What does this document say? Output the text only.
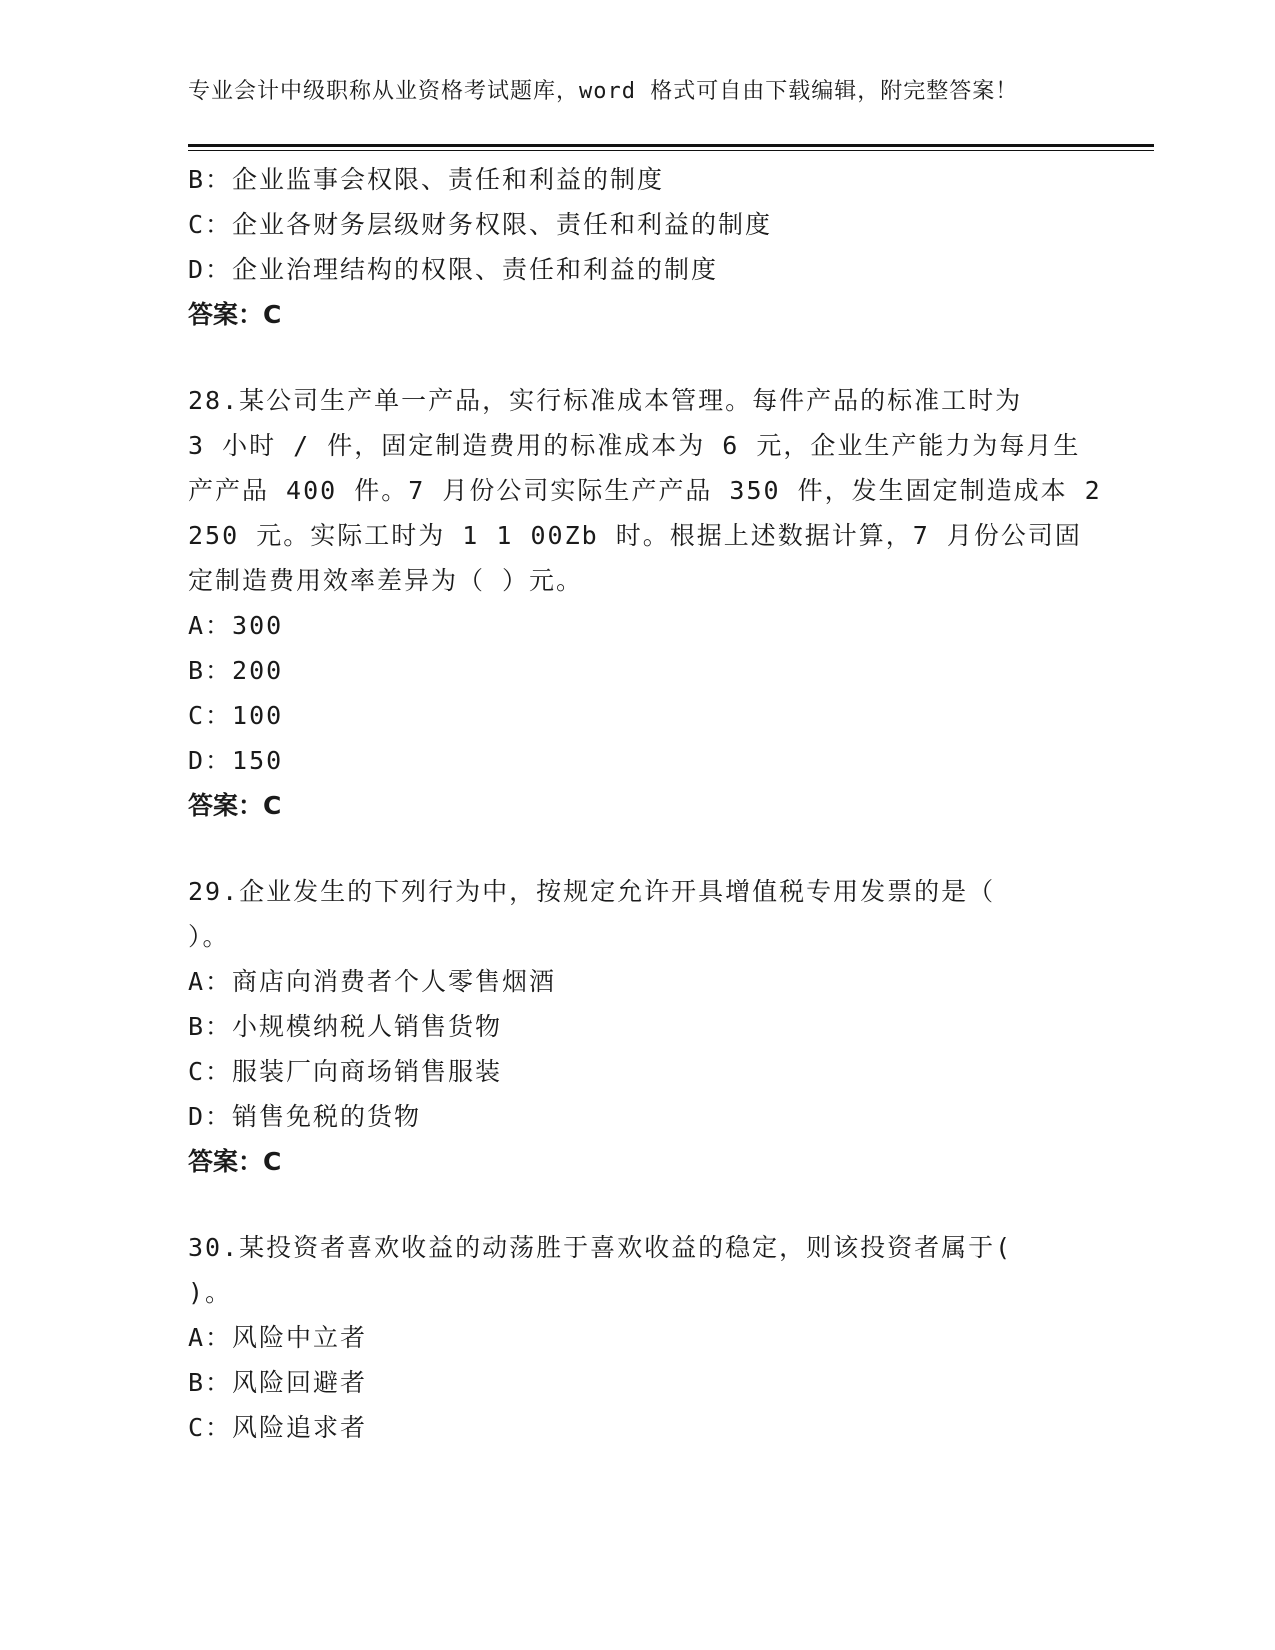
专业会计中级职称从业资格考试题库，word 格式可自由下载编辑，附完整答案！
B：企业监事会权限、责任和利益的制度
C：企业各财务层级财务权限、责任和利益的制度
D：企业治理结构的权限、责任和利益的制度
答案：C
28.某公司生产单一产品，实行标准成本管理。每件产品的标准工时为
3 小时 / 件，固定制造费用的标准成本为 6 元，企业生产能力为每月生
产产品 400 件。7 月份公司实际生产产品 350 件，发生固定制造成本 2
250 元。实际工时为 1 1 00Zb 时。根据上述数据计算，7 月份公司固
定制造费用效率差异为（ ）元。
A：300
B：200
C：100
D：150
答案：C
29.企业发生的下列行为中，按规定允许开具增值税专用发票的是（
）。
A：商店向消费者个人零售烟酒
B：小规模纳税人销售货物
C：服装厂向商场销售服装
D：销售免税的货物
答案：C
30.某投资者喜欢收益的动荡胜于喜欢收益的稳定，则该投资者属于(
)。
A：风险中立者
B：风险回避者
C：风险追求者
